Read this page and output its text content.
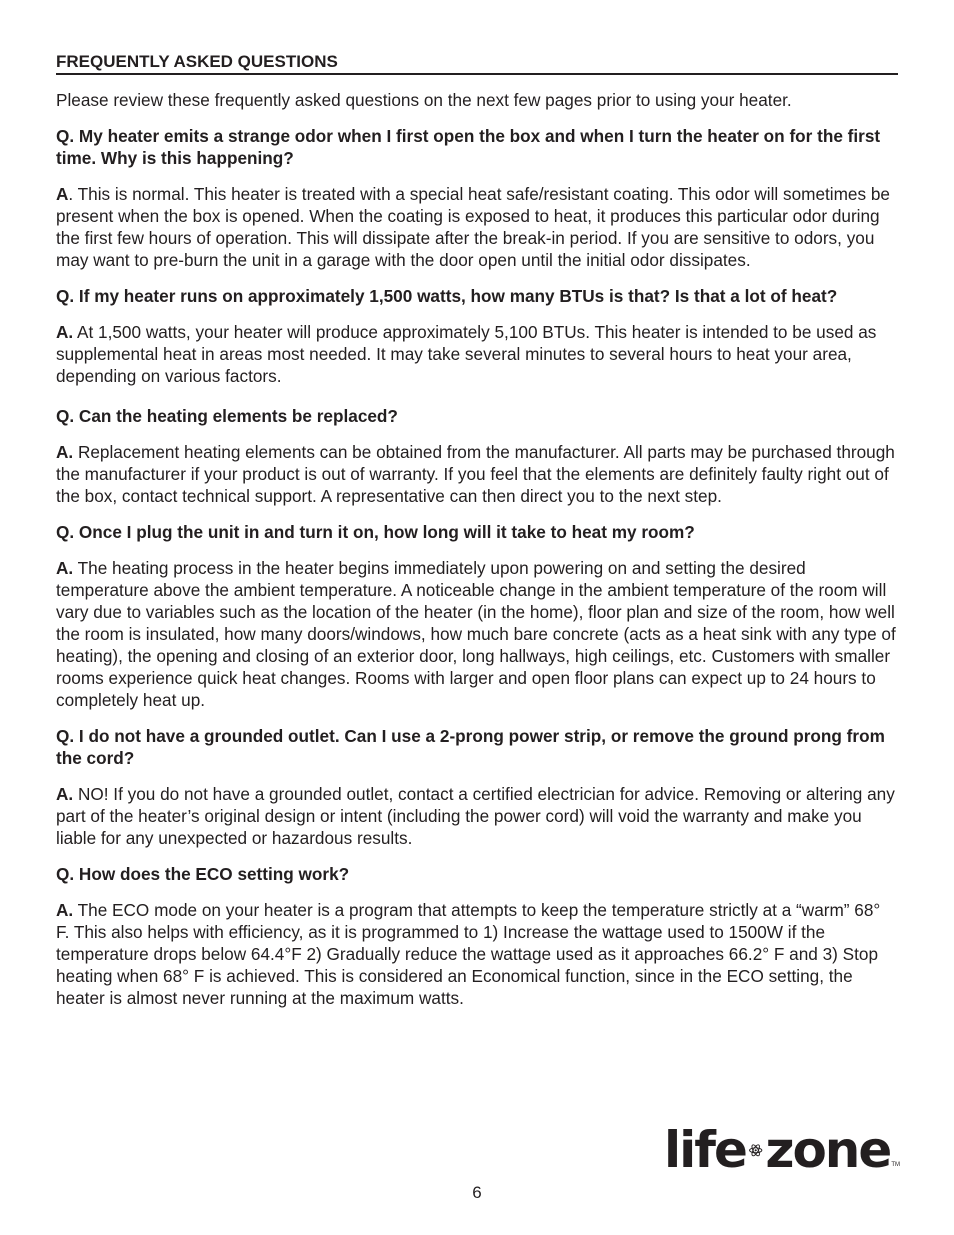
FREQUENTLY ASKED QUESTIONS

Please review these frequently asked questions on the next few pages prior to using your heater.

Q. My heater emits a strange odor when I first open the box and when I turn the heater on for the first time. Why is this happening?

A. This is normal. This heater is treated with a special heat safe/resistant coating. This odor will sometimes be present when the box is opened. When the coating is exposed to heat, it produces this particular odor during the first few hours of operation. This will dissipate after the break-in period. If you are sensitive to odors, you may want to pre-burn the unit in a garage with the door open until the initial odor dissipates.

Q. If my heater runs on approximately 1,500 watts, how many BTUs is that? Is that a lot of heat?

A. At 1,500 watts, your heater will produce approximately 5,100 BTUs. This heater is intended to be used as supplemental heat in areas most needed. It may take several minutes to several hours to heat your area, depending on various factors.

Q. Can the heating elements be replaced?

A. Replacement heating elements can be obtained from the manufacturer. All parts may be purchased through the manufacturer if your product is out of warranty. If you feel that the elements are definitely faulty right out of the box, contact technical support. A representative can then direct you to the next step.

Q. Once I plug the unit in and turn it on, how long will it take to heat my room?

A. The heating process in the heater begins immediately upon powering on and setting the desired temperature above the ambient temperature. A noticeable change in the ambient temperature of the room will vary due to variables such as the location of the heater (in the home), floor plan and size of the room, how well the room is insulated, how many doors/windows, how much bare concrete (acts as a heat sink with any type of heating), the opening and closing of an exterior door, long hallways, high ceilings, etc. Customers with smaller rooms experience quick heat changes. Rooms with larger and open floor plans can expect up to 24 hours to completely heat up.

Q. I do not have a grounded outlet. Can I use a 2-prong power strip, or remove the ground prong from the cord?

A. NO! If you do not have a grounded outlet, contact a certified electrician for advice. Removing or altering any part of the heater’s original design or intent (including the power cord) will void the warranty and make you liable for any unexpected or hazardous results.

Q. How does the ECO setting work?

A. The ECO mode on your heater is a program that attempts to keep the temperature strictly at a “warm” 68° F. This also helps with efficiency, as it is programmed to 1) Increase the wattage used to 1500W if the temperature drops below 64.4°F 2) Gradually reduce the wattage used as it approaches 66.2° F and 3) Stop heating when 68° F is achieved. This is considered an Economical function, since in the ECO setting, the heater is almost never running at the maximum watts.

life zone TM
6
